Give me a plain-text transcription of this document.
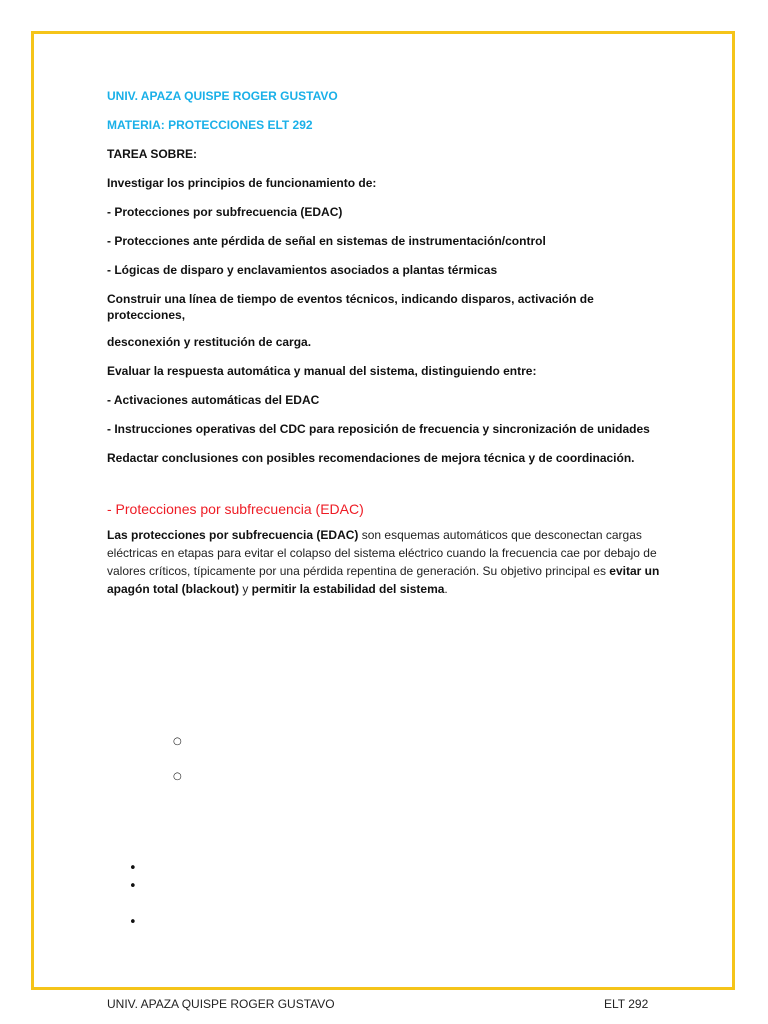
UNIV. APAZA QUISPE ROGER GUSTAVO

MATERIA: PROTECCIONES ELT 292

TAREA SOBRE:

Investigar los principios de funcionamiento de:

- Protecciones por subfrecuencia (EDAC)

- Protecciones ante pérdida de señal en sistemas de instrumentación/control

- Lógicas de disparo y enclavamientos asociados a plantas térmicas

Construir una línea de tiempo de eventos técnicos, indicando disparos, activación de protecciones,

desconexión y restitución de carga.

Evaluar la respuesta automática y manual del sistema, distinguiendo entre:

- Activaciones automáticas del EDAC

- Instrucciones operativas del CDC para reposición de frecuencia y sincronización de unidades

Redactar conclusiones con posibles recomendaciones de mejora técnica y de coordinación.

- Protecciones por subfrecuencia (EDAC)

Las protecciones por subfrecuencia (EDAC) son esquemas automáticos que desconectan cargas eléctricas en etapas para evitar el colapso del sistema eléctrico cuando la frecuencia cae por debajo de valores críticos, típicamente por una pérdida repentina de generación. Su objetivo principal es evitar un apagón total (blackout) y permitir la estabilidad del sistema.

○
○
•
•
•
UNIV. APAZA QUISPE ROGER GUSTAVO	ELT 292
